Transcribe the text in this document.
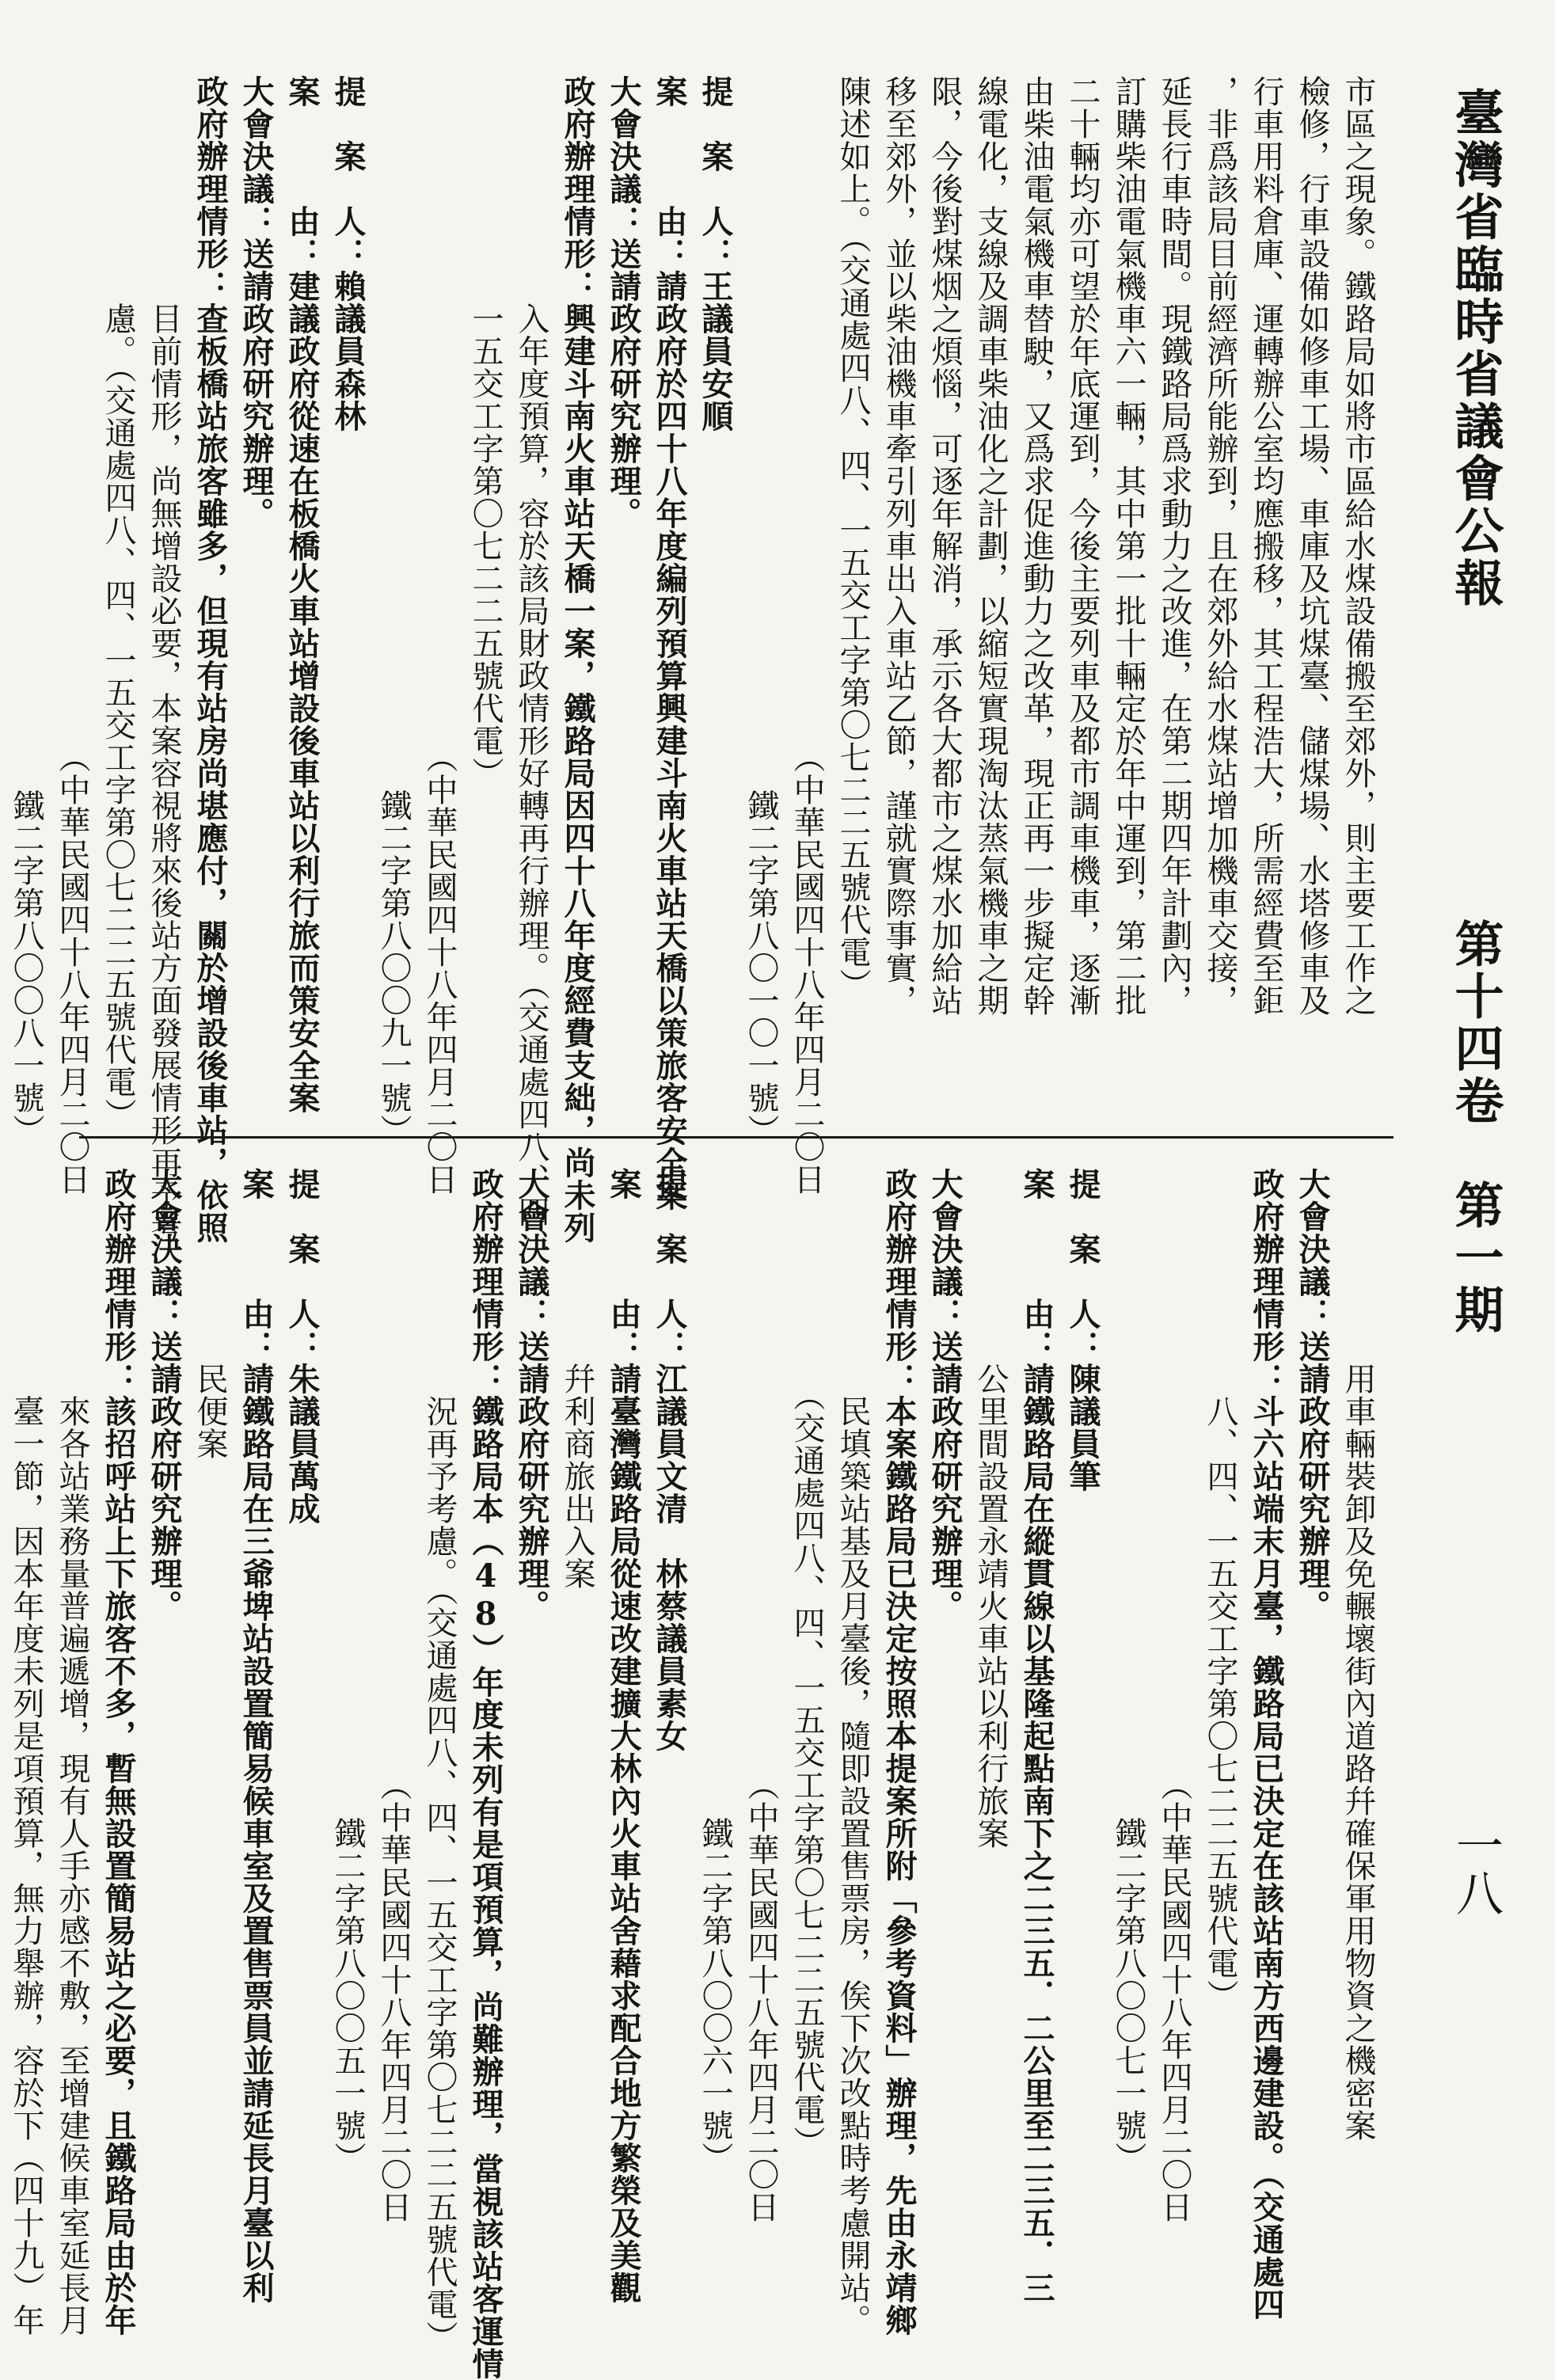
臺灣省臨時省議會公報
第十四卷　第一期
一八
市區之現象。鐵路局如將市區給水煤設備搬至郊外，則主要工作之
檢修，行車設備如修車工場、車庫及坑煤臺、儲煤場、水塔修車及
行車用料倉庫、運轉辦公室均應搬移，其工程浩大，所需經費至鉅
，非爲該局目前經濟所能辦到，且在郊外給水煤站增加機車交接，
延長行車時間。現鐵路局爲求動力之改進，在第二期四年計劃內，
訂購柴油電氣機車六一輛，其中第一批十輛定於年中運到，第二批
二十輛均亦可望於年底運到，今後主要列車及都市調車機車，逐漸
由柴油電氣機車替駛，又爲求促進動力之改革，現正再一步擬定幹
線電化，支線及調車柴油化之計劃，以縮短實現淘汰蒸氣機車之期
限，今後對煤烟之煩惱，可逐年解消，承示各大都市之煤水加給站
移至郊外，並以柴油機車牽引列車出入車站乙節，謹就實際事實，
陳述如上。（交通處四八、四、一五交工字第〇七二二五號代電）
　　　　　　　　　　　　　　　　　　　　　（中華民國四十八年四月二〇日
　　　　　　　　　　　　　　　　　　　　　　鐵二字第八〇一〇一號）
提　案　人：王議員安順
案　　　由：請政府於四十八年度編列預算興建斗南火車站天橋以策旅客安全案
大會決議：送請政府研究辦理。
政府辦理情形：興建斗南火車站天橋一案，鐵路局因四十八年度經費支絀，尚未列
　　　　　　　入年度預算，容於該局財政情形好轉再行辦理。（交通處四八、四、
　　　　　　　一五交工字第〇七二二五號代電）
　　　　　　　　　　　　　　　　　　　　　（中華民國四十八年四月二〇日
　　　　　　　　　　　　　　　　　　　　　　鐵二字第八〇〇九一號）
提　案　人：賴議員森林
案　　　由：建議政府從速在板橋火車站增設後車站以利行旅而策安全案
大會決議：送請政府研究辦理。
政府辦理情形：查板橋站旅客雖多，但現有站房尚堪應付，關於增設後車站，依照
　　　　　　　目前情形，尚無增設必要，本案容視將來後站方面發展情形再予考
　　　　　　　慮。（交通處四八、四、一五交工字第〇七二二五號代電）
　　　　　　　　　　　　　　　　　　　　　（中華民國四十八年四月二〇日
　　　　　　　　　　　　　　　　　　　　　　鐵二字第八〇〇八一號）
　　　　　　用車輛裝卸及免輾壞街內道路幷確保軍用物資之機密案
大會決議：送請政府研究辦理。
政府辦理情形：斗六站端末月臺，鐵路局已決定在該站南方西邊建設。（交通處四
　　　　　　　八、四、一五交工字第〇七二二五號代電）
　　　　　　　　　　　　　　　　　　　（中華民國四十八年四月二〇日
　　　　　　　　　　　　　　　　　　　　鐵二字第八〇〇七一號）
提　案　人：陳議員筆
案　　　由：請鐵路局在縱貫線以基隆起點南下之二三五．二公里至二三五．三
　　　　　　公里間設置永靖火車站以利行旅案
大會決議：送請政府研究辦理。
政府辦理情形：本案鐵路局已決定按照本提案所附「參考資料」辦理，先由永靖鄉
　　　　　　　民填築站基及月臺後，隨即設置售票房，俟下次改點時考慮開站。
　　　　　　　（交通處四八、四、一五交工字第〇七二二五號代電）
　　　　　　　　　　　　　　　　　　　（中華民國四十八年四月二〇日
　　　　　　　　　　　　　　　　　　　　鐵二字第八〇〇六一號）
提　案　人：江議員文清　林蔡議員素女
案　　　由：請臺灣鐵路局從速改建擴大林內火車站舍藉求配合地方繁榮及美觀
　　　　　　幷利商旅出入案
大會決議：送請政府研究辦理。
政府辦理情形：鐵路局本（48）年度未列有是項預算，尚難辦理，當視該站客運情
　　　　　　　況再予考慮。（交通處四八、四、一五交工字第〇七二二五號代電）
　　　　　　　　　　　　　　　　　　　（中華民國四十八年四月二〇日
　　　　　　　　　　　　　　　　　　　　鐵二字第八〇〇五一號）
提　案　人：朱議員萬成
案　　　由：請鐵路局在三爺埤站設置簡易候車室及置售票員並請延長月臺以利
　　　　　　民便案
大會決議：送請政府研究辦理。
政府辦理情形：該招呼站上下旅客不多，暫無設置簡易站之必要，且鐵路局由於年
　　　　　　　來各站業務量普遍遞增，現有人手亦感不敷，至增建候車室延長月
　　　　　　　臺一節，因本年度未列是項預算，無力舉辦，容於下（四十九）年
